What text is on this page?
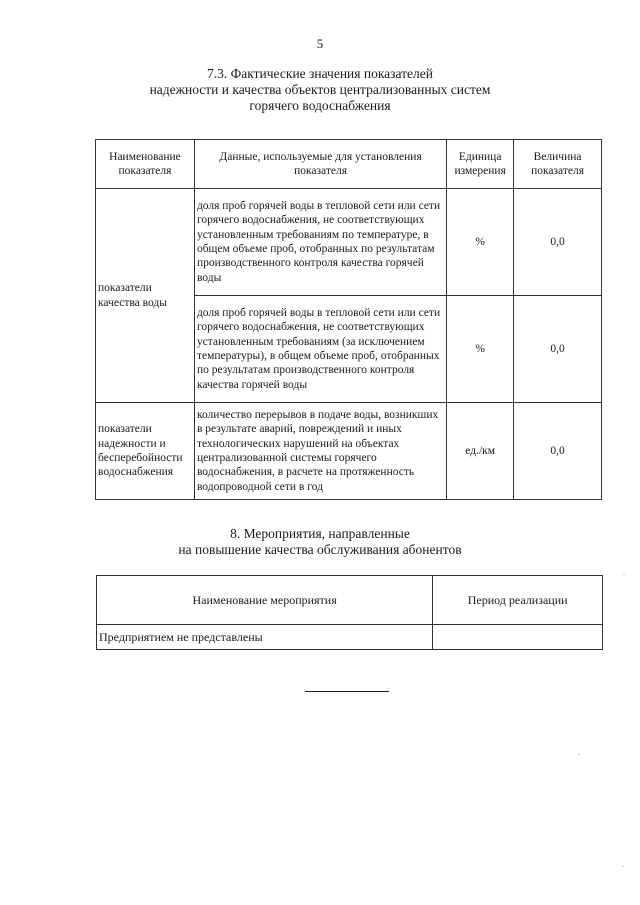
5
7.3. Фактические значения показателей
надежности и качества объектов централизованных систем
горячего водоснабжения
Наименование показателя	Данные, используемые для установления показателя	Единица измерения	Величина показателя
показатели качества воды	доля проб горячей воды в тепловой сети или сети горячего водоснабжения, не соответствующих установленным требованиям по температуре, в общем объеме проб, отобранных по результатам производственного контроля качества горячей воды	%	0,0
	доля проб горячей воды в тепловой сети или сети горячего водоснабжения, не соответствующих установленным требованиям (за исключением температуры), в общем объеме проб, отобранных по результатам производственного контроля качества горячей воды	%	0,0
показатели надежности и бесперебойности водоснабжения	количество перерывов в подаче воды, возникших в результате аварий, повреждений и иных технологических нарушений на объектах централизованной системы горячего водоснабжения, в расчете на протяженность водопроводной сети в год	ед./км	0,0
8. Мероприятия, направленные
на повышение качества обслуживания абонентов
Наименование мероприятия	Период реализации
Предприятием не представлены	
.
.
.
